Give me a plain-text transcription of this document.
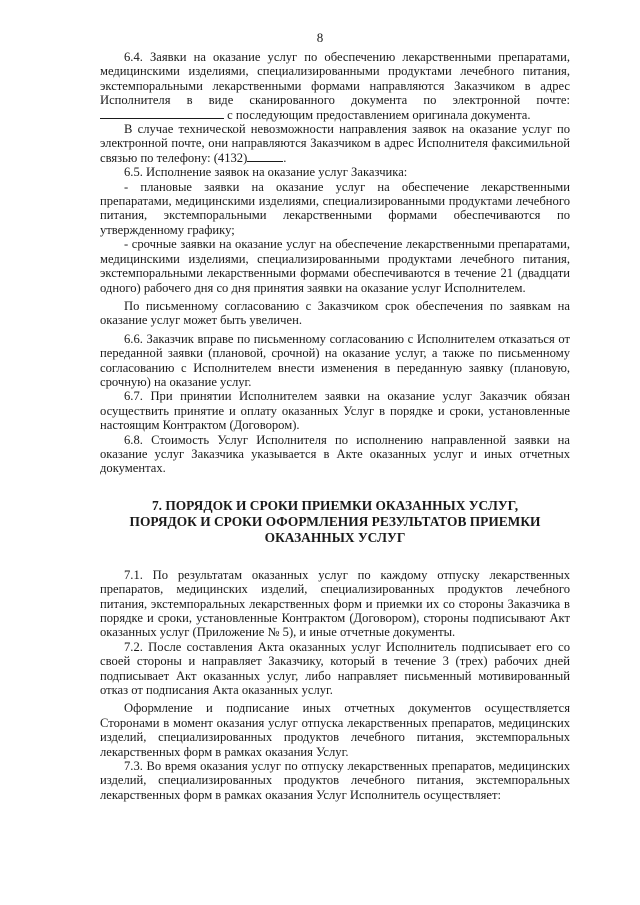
8

6.4. Заявки на оказание услуг по обеспечению лекарственными препаратами, медицинскими изделиями, специализированными продуктами лечебного питания, экстемпоральными лекарственными формами направляются Заказчиком в адрес Исполнителя в виде сканированного документа по электронной почте:  с последующим предоставлением оригинала документа.

В случае технической невозможности направления заявок на оказание услуг по электронной почте, они направляются Заказчиком в адрес Исполнителя факсимильной связью по телефону: (4132)	.

6.5. Исполнение заявок на оказание услуг Заказчика:

- плановые заявки на оказание услуг на обеспечение лекарственными препаратами, медицинскими изделиями, специализированными продуктами лечебного питания, экстемпоральными лекарственными формами обеспечиваются по утвержденному графику;

- срочные заявки на оказание услуг на обеспечение лекарственными препаратами, медицинскими изделиями, специализированными продуктами лечебного питания, экстемпоральными лекарственными формами обеспечиваются в течение 21 (двадцати одного) рабочего дня со дня принятия заявки на оказание услуг Исполнителем.

По письменному согласованию с Заказчиком срок обеспечения по заявкам на оказание услуг может быть увеличен.

6.6. Заказчик вправе по письменному согласованию с Исполнителем отказаться от переданной заявки (плановой, срочной) на оказание услуг, а также по письменному согласованию с Исполнителем внести изменения в переданную заявку (плановую, срочную) на оказание услуг.

6.7. При принятии Исполнителем заявки на оказание услуг Заказчик обязан осуществить принятие и оплату оказанных Услуг в порядке и сроки, установленные настоящим Контрактом (Договором).

6.8. Стоимость Услуг Исполнителя по исполнению направленной заявки на оказание услуг Заказчика указывается в Акте оказанных услуг и иных отчетных документах.

7. ПОРЯДОК И СРОКИ ПРИЕМКИ ОКАЗАННЫХ УСЛУГ,
ПОРЯДОК И СРОКИ ОФОРМЛЕНИЯ РЕЗУЛЬТАТОВ ПРИЕМКИ
ОКАЗАННЫХ УСЛУГ

7.1. По результатам оказанных услуг по каждому отпуску лекарственных препаратов, медицинских изделий, специализированных продуктов лечебного питания, экстемпоральных лекарственных форм и приемки их со стороны Заказчика в порядке и сроки, установленные Контрактом (Договором), стороны подписывают Акт оказанных услуг (Приложение № 5), и иные отчетные документы.

7.2. После составления Акта оказанных услуг Исполнитель подписывает его со своей стороны и направляет Заказчику, который в течение 3 (трех) рабочих дней подписывает Акт оказанных услуг, либо направляет письменный мотивированный отказ от подписания Акта оказанных услуг.

Оформление и подписание иных отчетных документов осуществляется Сторонами в момент оказания услуг отпуска лекарственных препаратов, медицинских изделий, специализированных продуктов лечебного питания, экстемпоральных лекарственных форм в рамках оказания Услуг.

7.3. Во время оказания услуг по отпуску лекарственных препаратов, медицинских изделий, специализированных продуктов лечебного питания, экстемпоральных лекарственных форм в рамках оказания Услуг Исполнитель осуществляет:
